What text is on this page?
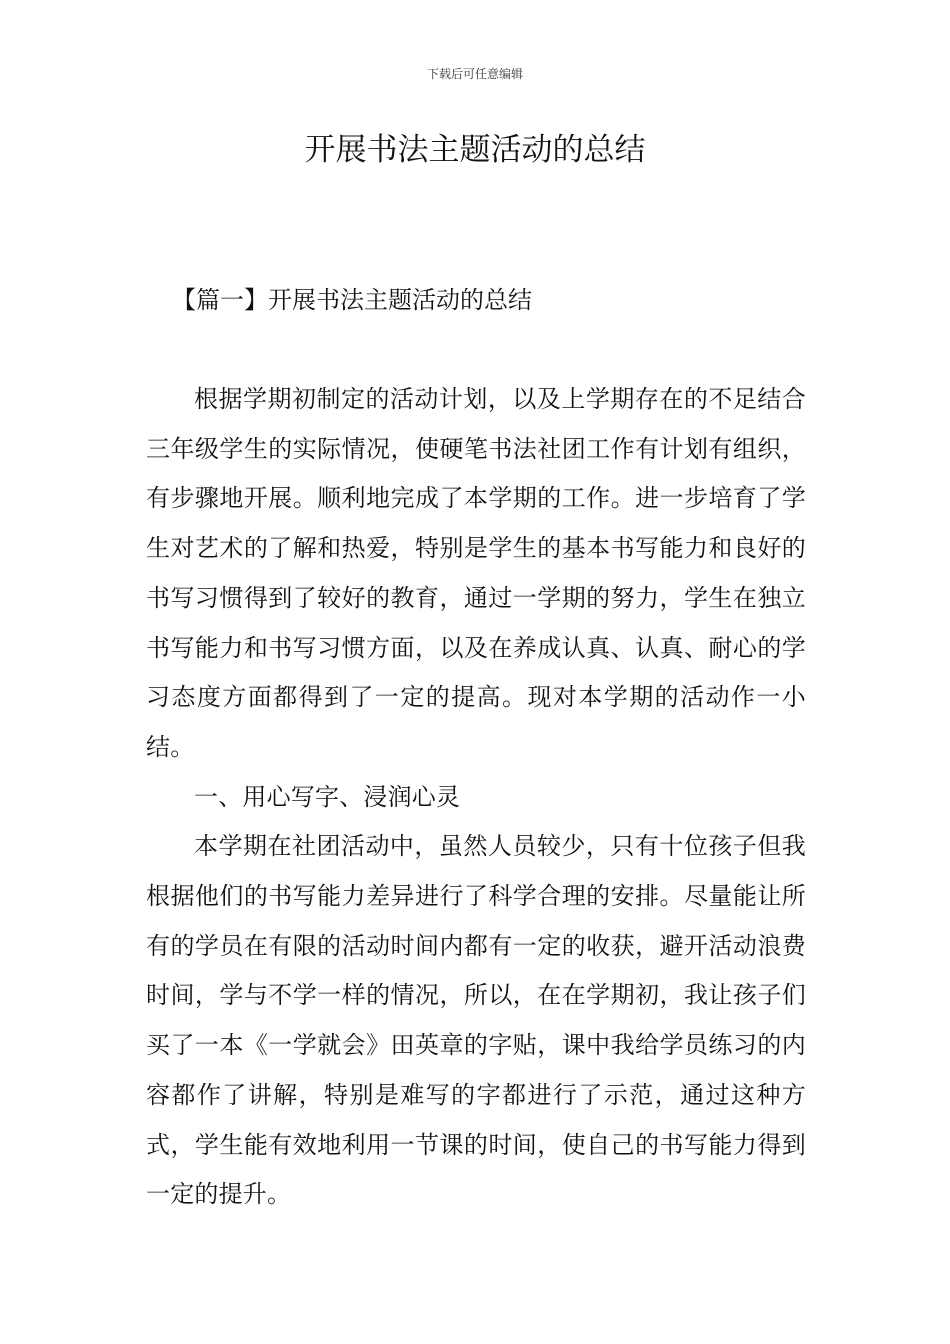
下载后可任意编辑
开展书法主题活动的总结
【篇一】开展书法主题活动的总结

根据学期初制定的活动计划，以及上学期存在的不足结合三年级学生的实际情况，使硬笔书法社团工作有计划有组织，有步骤地开展。顺利地完成了本学期的工作。进一步培育了学生对艺术的了解和热爱，特别是学生的基本书写能力和良好的书写习惯得到了较好的教育，通过一学期的努力，学生在独立书写能力和书写习惯方面，以及在养成认真、认真、耐心的学习态度方面都得到了一定的提高。现对本学期的活动作一小结。

一、用心写字、浸润心灵

本学期在社团活动中，虽然人员较少，只有十位孩子但我根据他们的书写能力差异进行了科学合理的安排。尽量能让所有的学员在有限的活动时间内都有一定的收获，避开活动浪费时间，学与不学一样的情况，所以，在在学期初，我让孩子们买了一本《一学就会》田英章的字贴，课中我给学员练习的内容都作了讲解，特别是难写的字都进行了示范，通过这种方式，学生能有效地利用一节课的时间，使自己的书写能力得到一定的提升。
